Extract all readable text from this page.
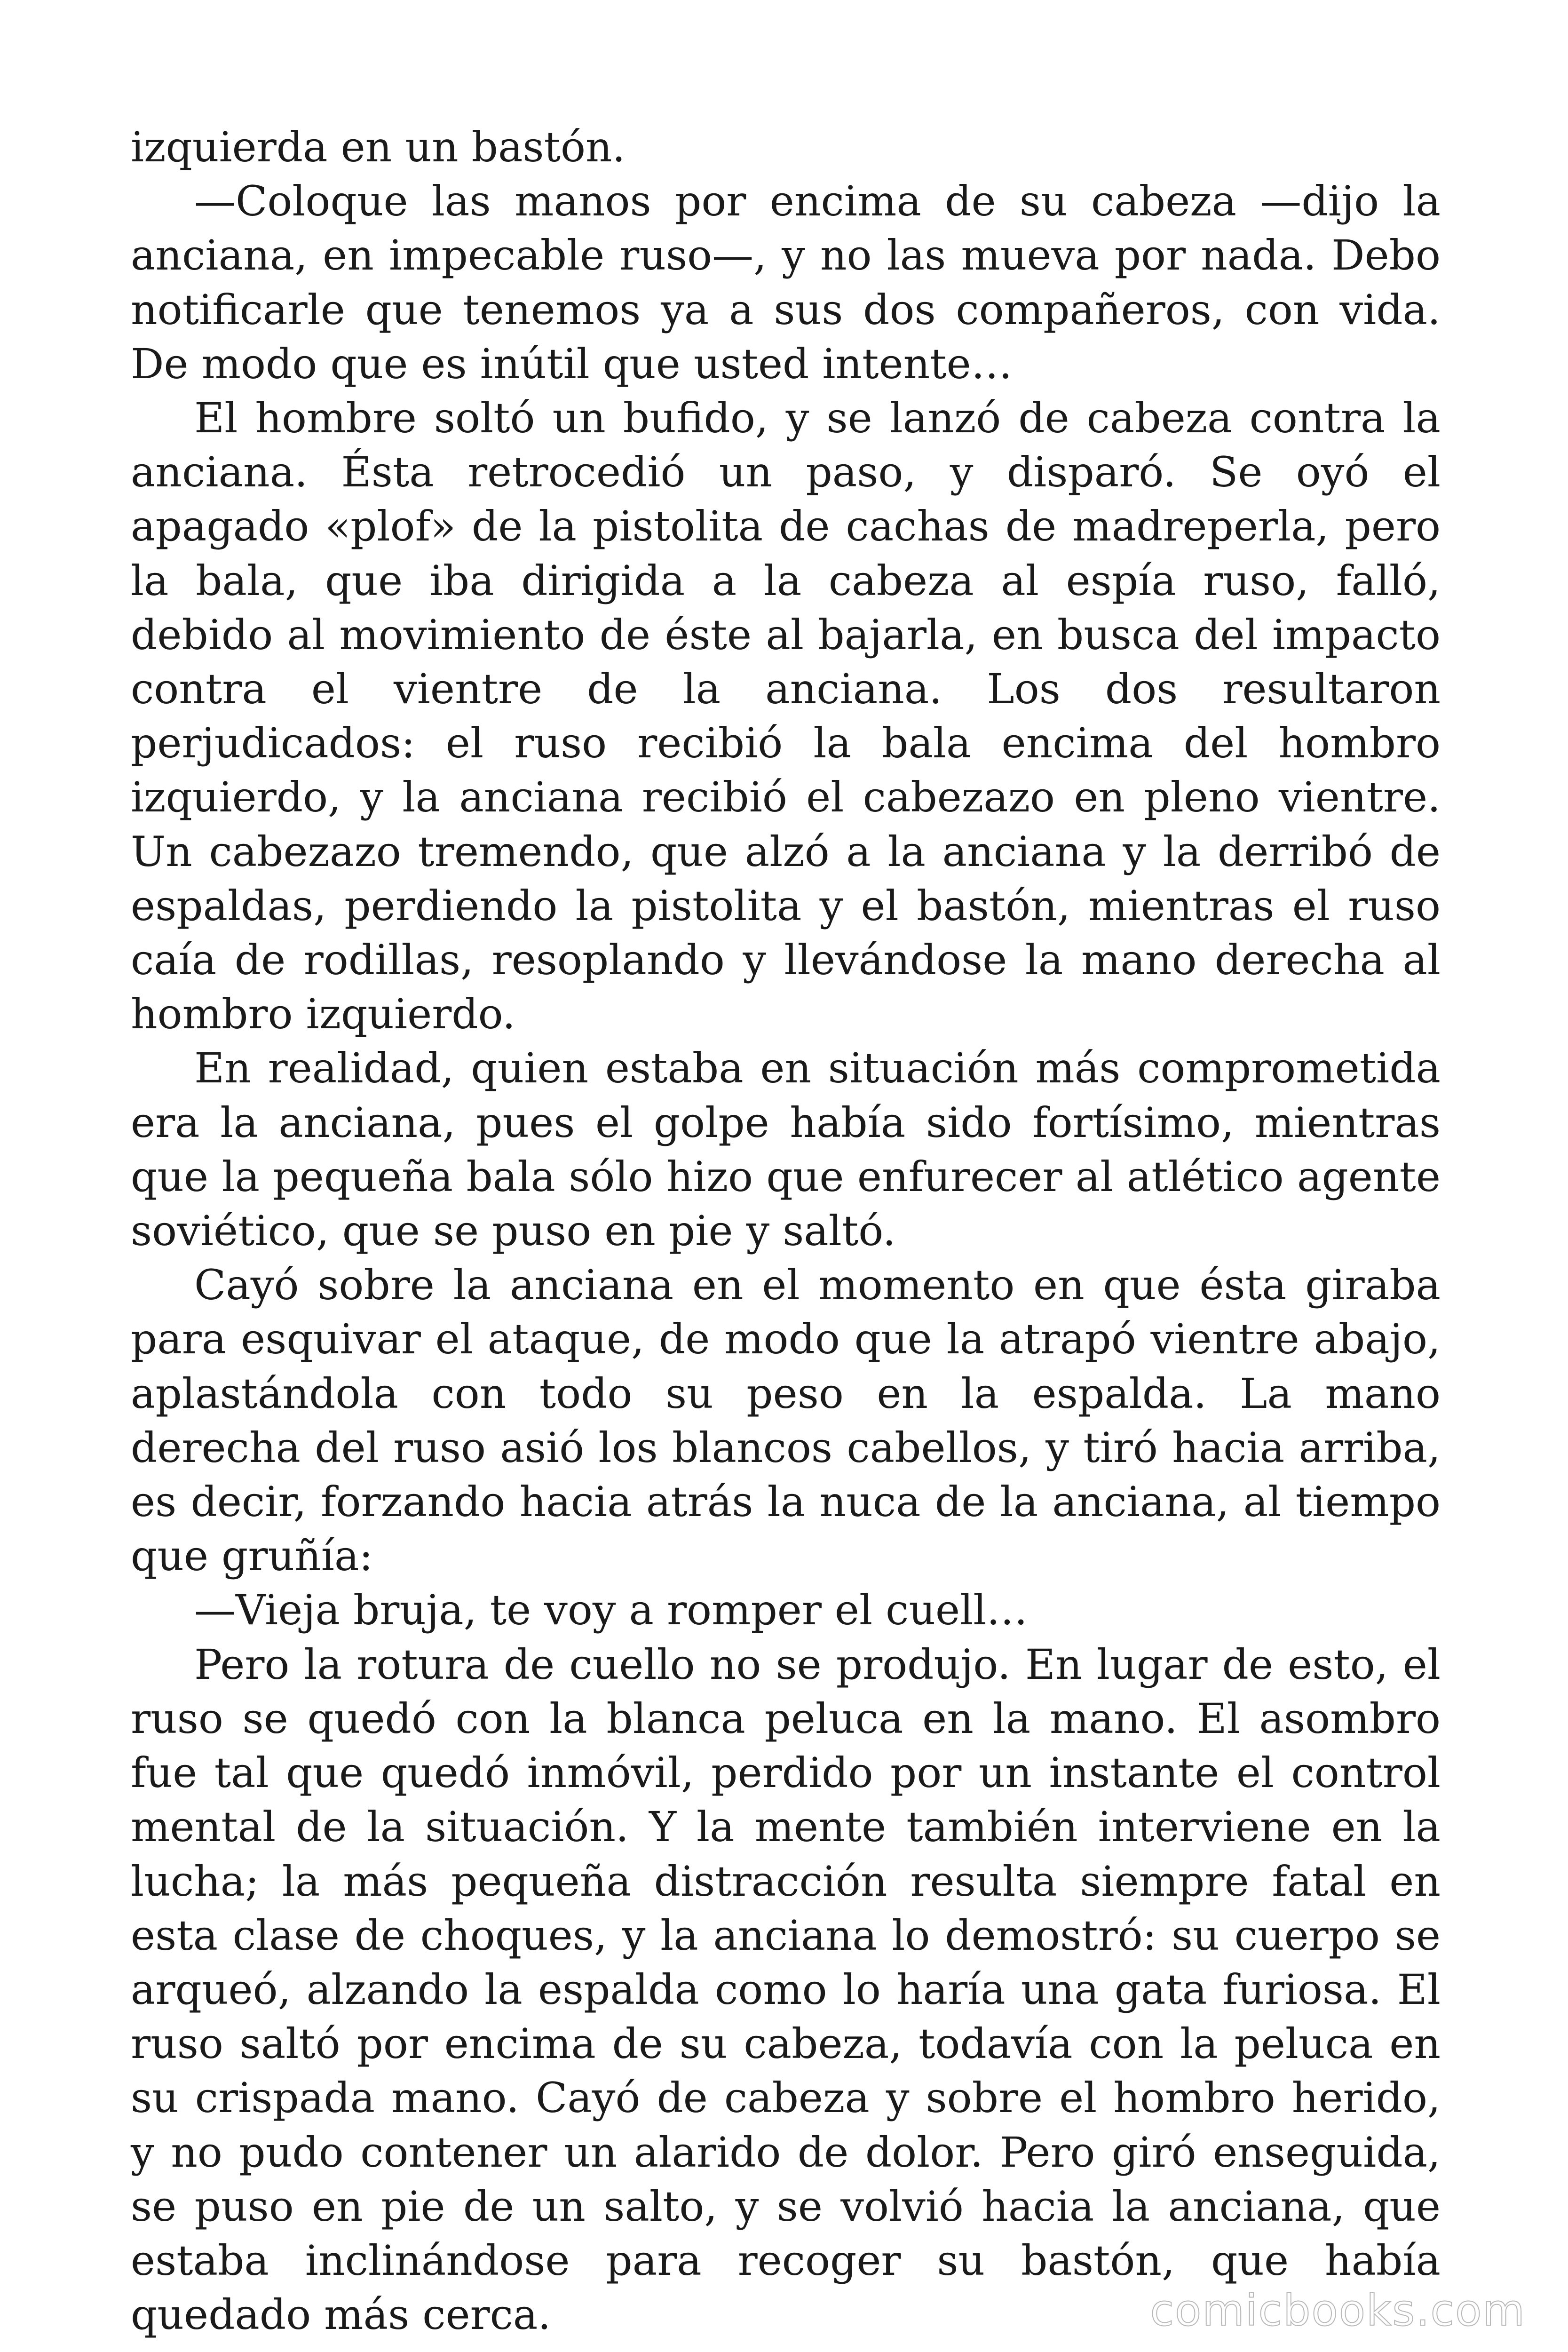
izquierda en un bastón.

—Coloque las manos por encima de su cabeza —dijo la anciana, en impecable ruso—, y no las mueva por nada. Debo notificarle que tenemos ya a sus dos compañeros, con vida. De modo que es inútil que usted intente…

El hombre soltó un bufido, y se lanzó de cabeza contra la anciana. Ésta retrocedió un paso, y disparó. Se oyó el apagado «plof» de la pistolita de cachas de madreperla, pero la bala, que iba dirigida a la cabeza al espía ruso, falló, debido al movimiento de éste al bajarla, en busca del impacto contra el vientre de la anciana. Los dos resultaron perjudicados: el ruso recibió la bala encima del hombro izquierdo, y la anciana recibió el cabezazo en pleno vientre. Un cabezazo tremendo, que alzó a la anciana y la derribó de espaldas, perdiendo la pistolita y el bastón, mientras el ruso caía de rodillas, resoplando y llevándose la mano derecha al hombro izquierdo.

En realidad, quien estaba en situación más comprometida era la anciana, pues el golpe había sido fortísimo, mientras que la pequeña bala sólo hizo que enfurecer al atlético agente soviético, que se puso en pie y saltó.

Cayó sobre la anciana en el momento en que ésta giraba para esquivar el ataque, de modo que la atrapó vientre abajo, aplastándola con todo su peso en la espalda. La mano derecha del ruso asió los blancos cabellos, y tiró hacia arriba, es decir, forzando hacia atrás la nuca de la anciana, al tiempo que gruñía:

—Vieja bruja, te voy a romper el cuell…

Pero la rotura de cuello no se produjo. En lugar de esto, el ruso se quedó con la blanca peluca en la mano. El asombro fue tal que quedó inmóvil, perdido por un instante el control mental de la situación. Y la mente también interviene en la lucha; la más pequeña distracción resulta siempre fatal en esta clase de choques, y la anciana lo demostró: su cuerpo se arqueó, alzando la espalda como lo haría una gata furiosa. El ruso saltó por encima de su cabeza, todavía con la peluca en su crispada mano. Cayó de cabeza y sobre el hombro herido, y no pudo contener un alarido de dolor. Pero giró enseguida, se puso en pie de un salto, y se volvió hacia la anciana, que estaba inclinándose para recoger su bastón, que había quedado más cerca.	comicbooks.com
